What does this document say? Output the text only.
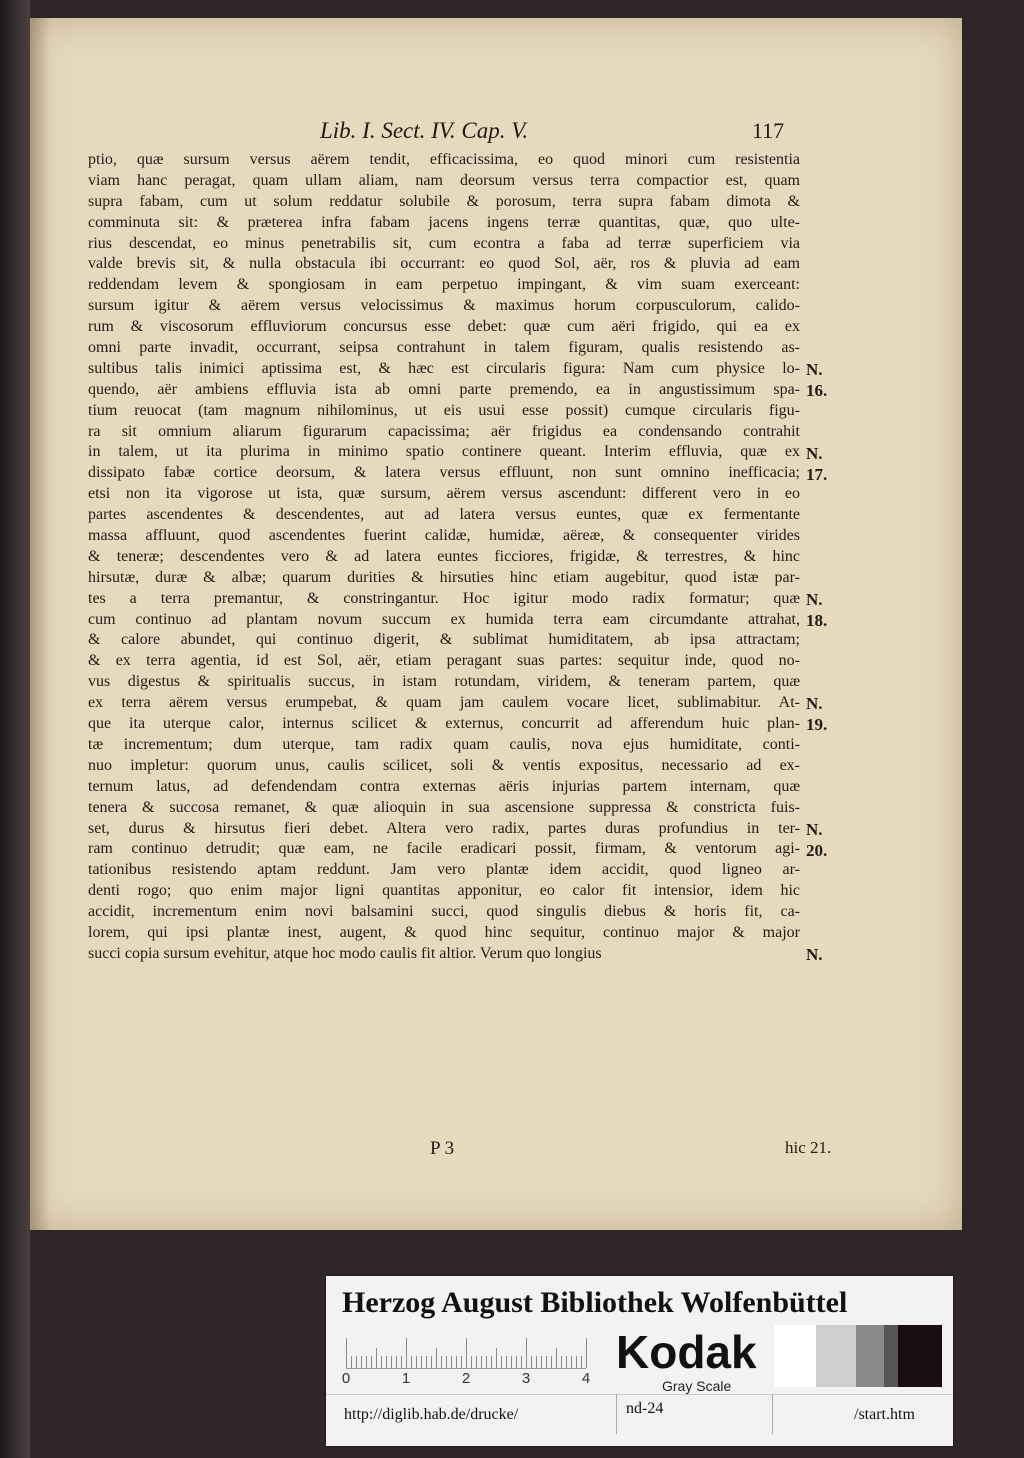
Lib. I. Sect. IV. Cap. V.	117
ptio, quæ sursum versus aërem tendit, efficacissima, eo quod minori cum resistentia
viam hanc peragat, quam ullam aliam, nam deorsum versus terra compactior est, quam
supra fabam, cum ut solum reddatur solubile & porosum, terra supra fabam dimota &
comminuta sit: & præterea infra fabam jacens ingens terræ quantitas, quæ, quo ulte-
rius descendat, eo minus penetrabilis sit, cum econtra a faba ad terræ superficiem via
valde brevis sit, & nulla obstacula ibi occurrant: eo quod Sol, aër, ros & pluvia ad eam
reddendam levem & spongiosam in eam perpetuo impingant, & vim suam exerceant:
sursum igitur & aërem versus velocissimus & maximus horum corpusculorum, calido-
rum & viscosorum effluviorum concursus esse debet: quæ cum aëri frigido, qui ea ex
omni parte invadit, occurrant, seipsa contrahunt in talem figuram, qualis resistendo as-
sultibus talis inimici aptissima est, & hæc est circularis figura: Nam cum physice lo-
quendo, aër ambiens effluvia ista ab omni parte premendo, ea in angustissimum spa-
tium reuocat (tam magnum nihilominus, ut eis usui esse possit) cumque circularis figu-
ra sit omnium aliarum figurarum capacissima; aër frigidus ea condensando contrahit
in talem, ut ita plurima in minimo spatio continere queant. Interim effluvia, quæ ex
dissipato fabæ cortice deorsum, & latera versus effluunt, non sunt omnino inefficacia;
etsi non ita vigorose ut ista, quæ sursum, aërem versus ascendunt: different vero in eo
partes ascendentes & descendentes, aut ad latera versus euntes, quæ ex fermentante
massa affluunt, quod ascendentes fuerint calidæ, humidæ, aëreæ, & consequenter virides
& teneræ; descendentes vero & ad latera euntes ficciores, frigidæ, & terrestres, & hinc
hirsutæ, duræ & albæ; quarum durities & hirsuties hinc etiam augebitur, quod istæ par-
tes a terra premantur, & constringantur. Hoc igitur modo radix formatur; quæ
cum continuo ad plantam novum succum ex humida terra eam circumdante attrahat,
& calore abundet, qui continuo digerit, & sublimat humiditatem, ab ipsa attractam;
& ex terra agentia, id est Sol, aër, etiam peragant suas partes: sequitur inde, quod no-
vus digestus & spiritualis succus, in istam rotundam, viridem, & teneram partem, quæ
ex terra aërem versus erumpebat, & quam jam caulem vocare licet, sublimabitur. At-
que ita uterque calor, internus scilicet & externus, concurrit ad afferendum huic plan-
tæ incrementum; dum uterque, tam radix quam caulis, nova ejus humiditate, conti-
nuo impletur: quorum unus, caulis scilicet, soli & ventis expositus, necessario ad ex-
ternum latus, ad defendendam contra externas aëris injurias partem internam, quæ
tenera & succosa remanet, & quæ alioquin in sua ascensione suppressa & constricta fuis-
set, durus & hirsutus fieri debet. Altera vero radix, partes duras profundius in ter-
ram continuo detrudit; quæ eam, ne facile eradicari possit, firmam, & ventorum agi-
tationibus resistendo aptam reddunt. Jam vero plantæ idem accidit, quod ligneo ar-
denti rogo; quo enim major ligni quantitas apponitur, eo calor fit intensior, idem hic
accidit, incrementum enim novi balsamini succi, quod singulis diebus & horis fit, ca-
lorem, qui ipsi plantæ inest, augent, & quod hinc sequitur, continuo major & major
succi copia sursum evehitur, atque hoc modo caulis fit altior. Verum quo longius
N.
16.
N.
17.
N.
18.
N.
19.
N.
20.
N.
P 3	hic 21.
Herzog August Bibliothek Wolfenbüttel
0	1	2	3	4
Kodak
Gray Scale
http://diglib.hab.de/drucke/	nd-24	/start.htm
